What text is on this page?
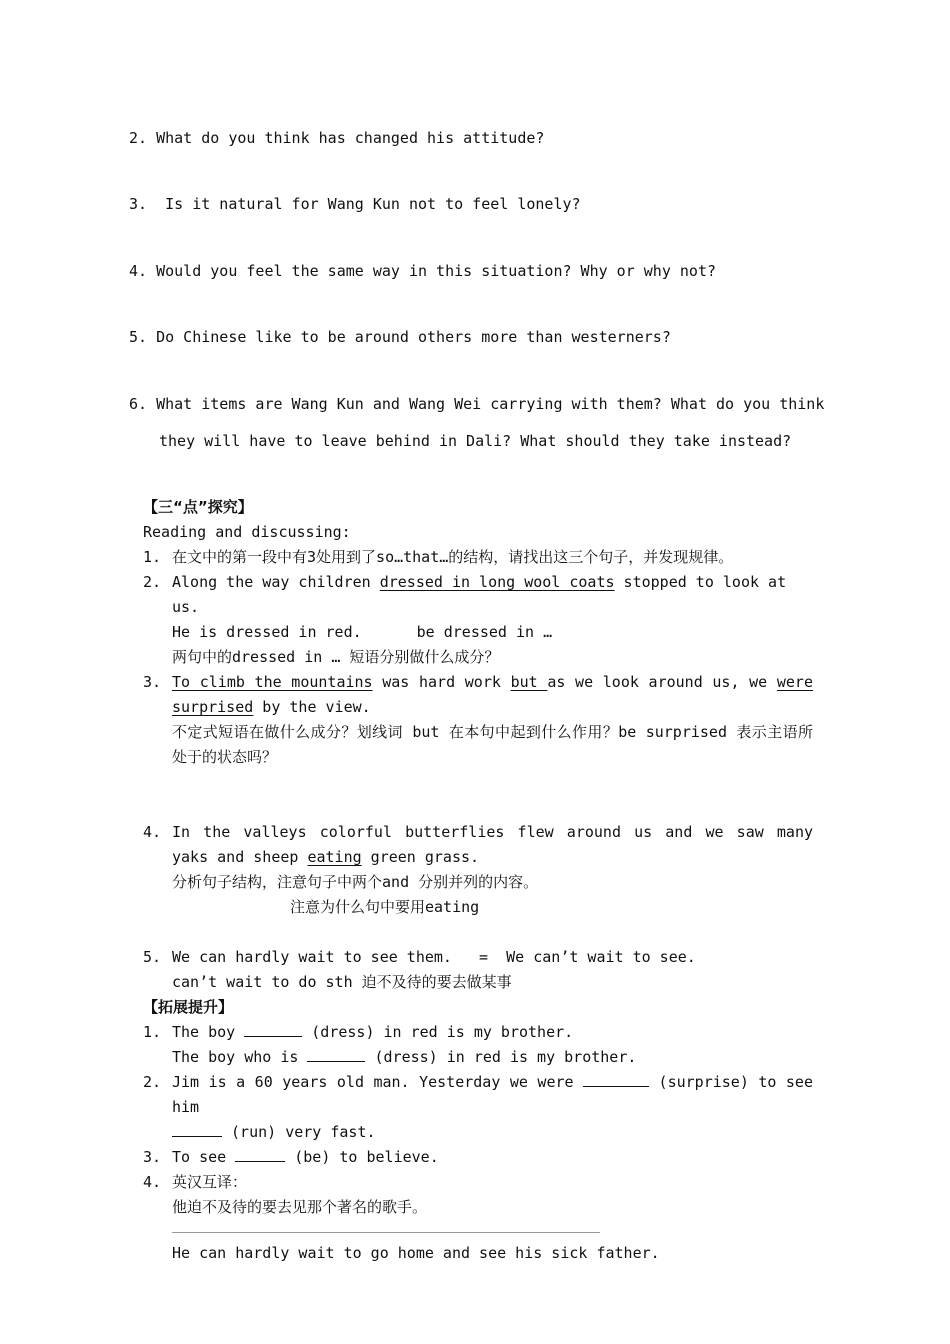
2. What do you think has changed his attitude?
3.  Is it natural for Wang Kun not to feel lonely?
4. Would you feel the same way in this situation? Why or why not?
5. Do Chinese like to be around others more than westerners?
6. What items are Wang Kun and Wang Wei carrying with them? What do you think
they will have to leave behind in Dali? What should they take instead?
【三“点”探究】
Reading and discussing:
1. 在文中的第一段中有3处用到了so…that…的结构，请找出这三个句子，并发现规律。
2. Along the way children dressed in long wool coats stopped to look at us.
He is dressed in red.	be dressed in …
两句中的dressed in … 短语分别做什么成分？
3. To climb the mountains was hard work but as we look around us, we were surprised by the view.
不定式短语在做什么成分？划线词 but 在本句中起到什么作用？be surprised 表示主语所处于的状态吗？
4. In the valleys colorful butterflies flew around us and we saw many yaks and sheep eating green grass.
分析句子结构，注意句子中两个and 分别并列的内容。
注意为什么句中要用eating
5. We can hardly wait to see them.   =  We can’t wait to see.
can’t wait to do sth 迫不及待的要去做某事
【拓展提升】
1. The boy	(dress) in red is my brother.
The boy who is	(dress) in red is my brother.
2. Jim is a 60 years old man. Yesterday we were	(surprise) to see him
(run) very fast.
3. To see	(be) to believe.
4. 英汉互译：
他迫不及待的要去见那个著名的歌手。
He can hardly wait to go home and see his sick father.
